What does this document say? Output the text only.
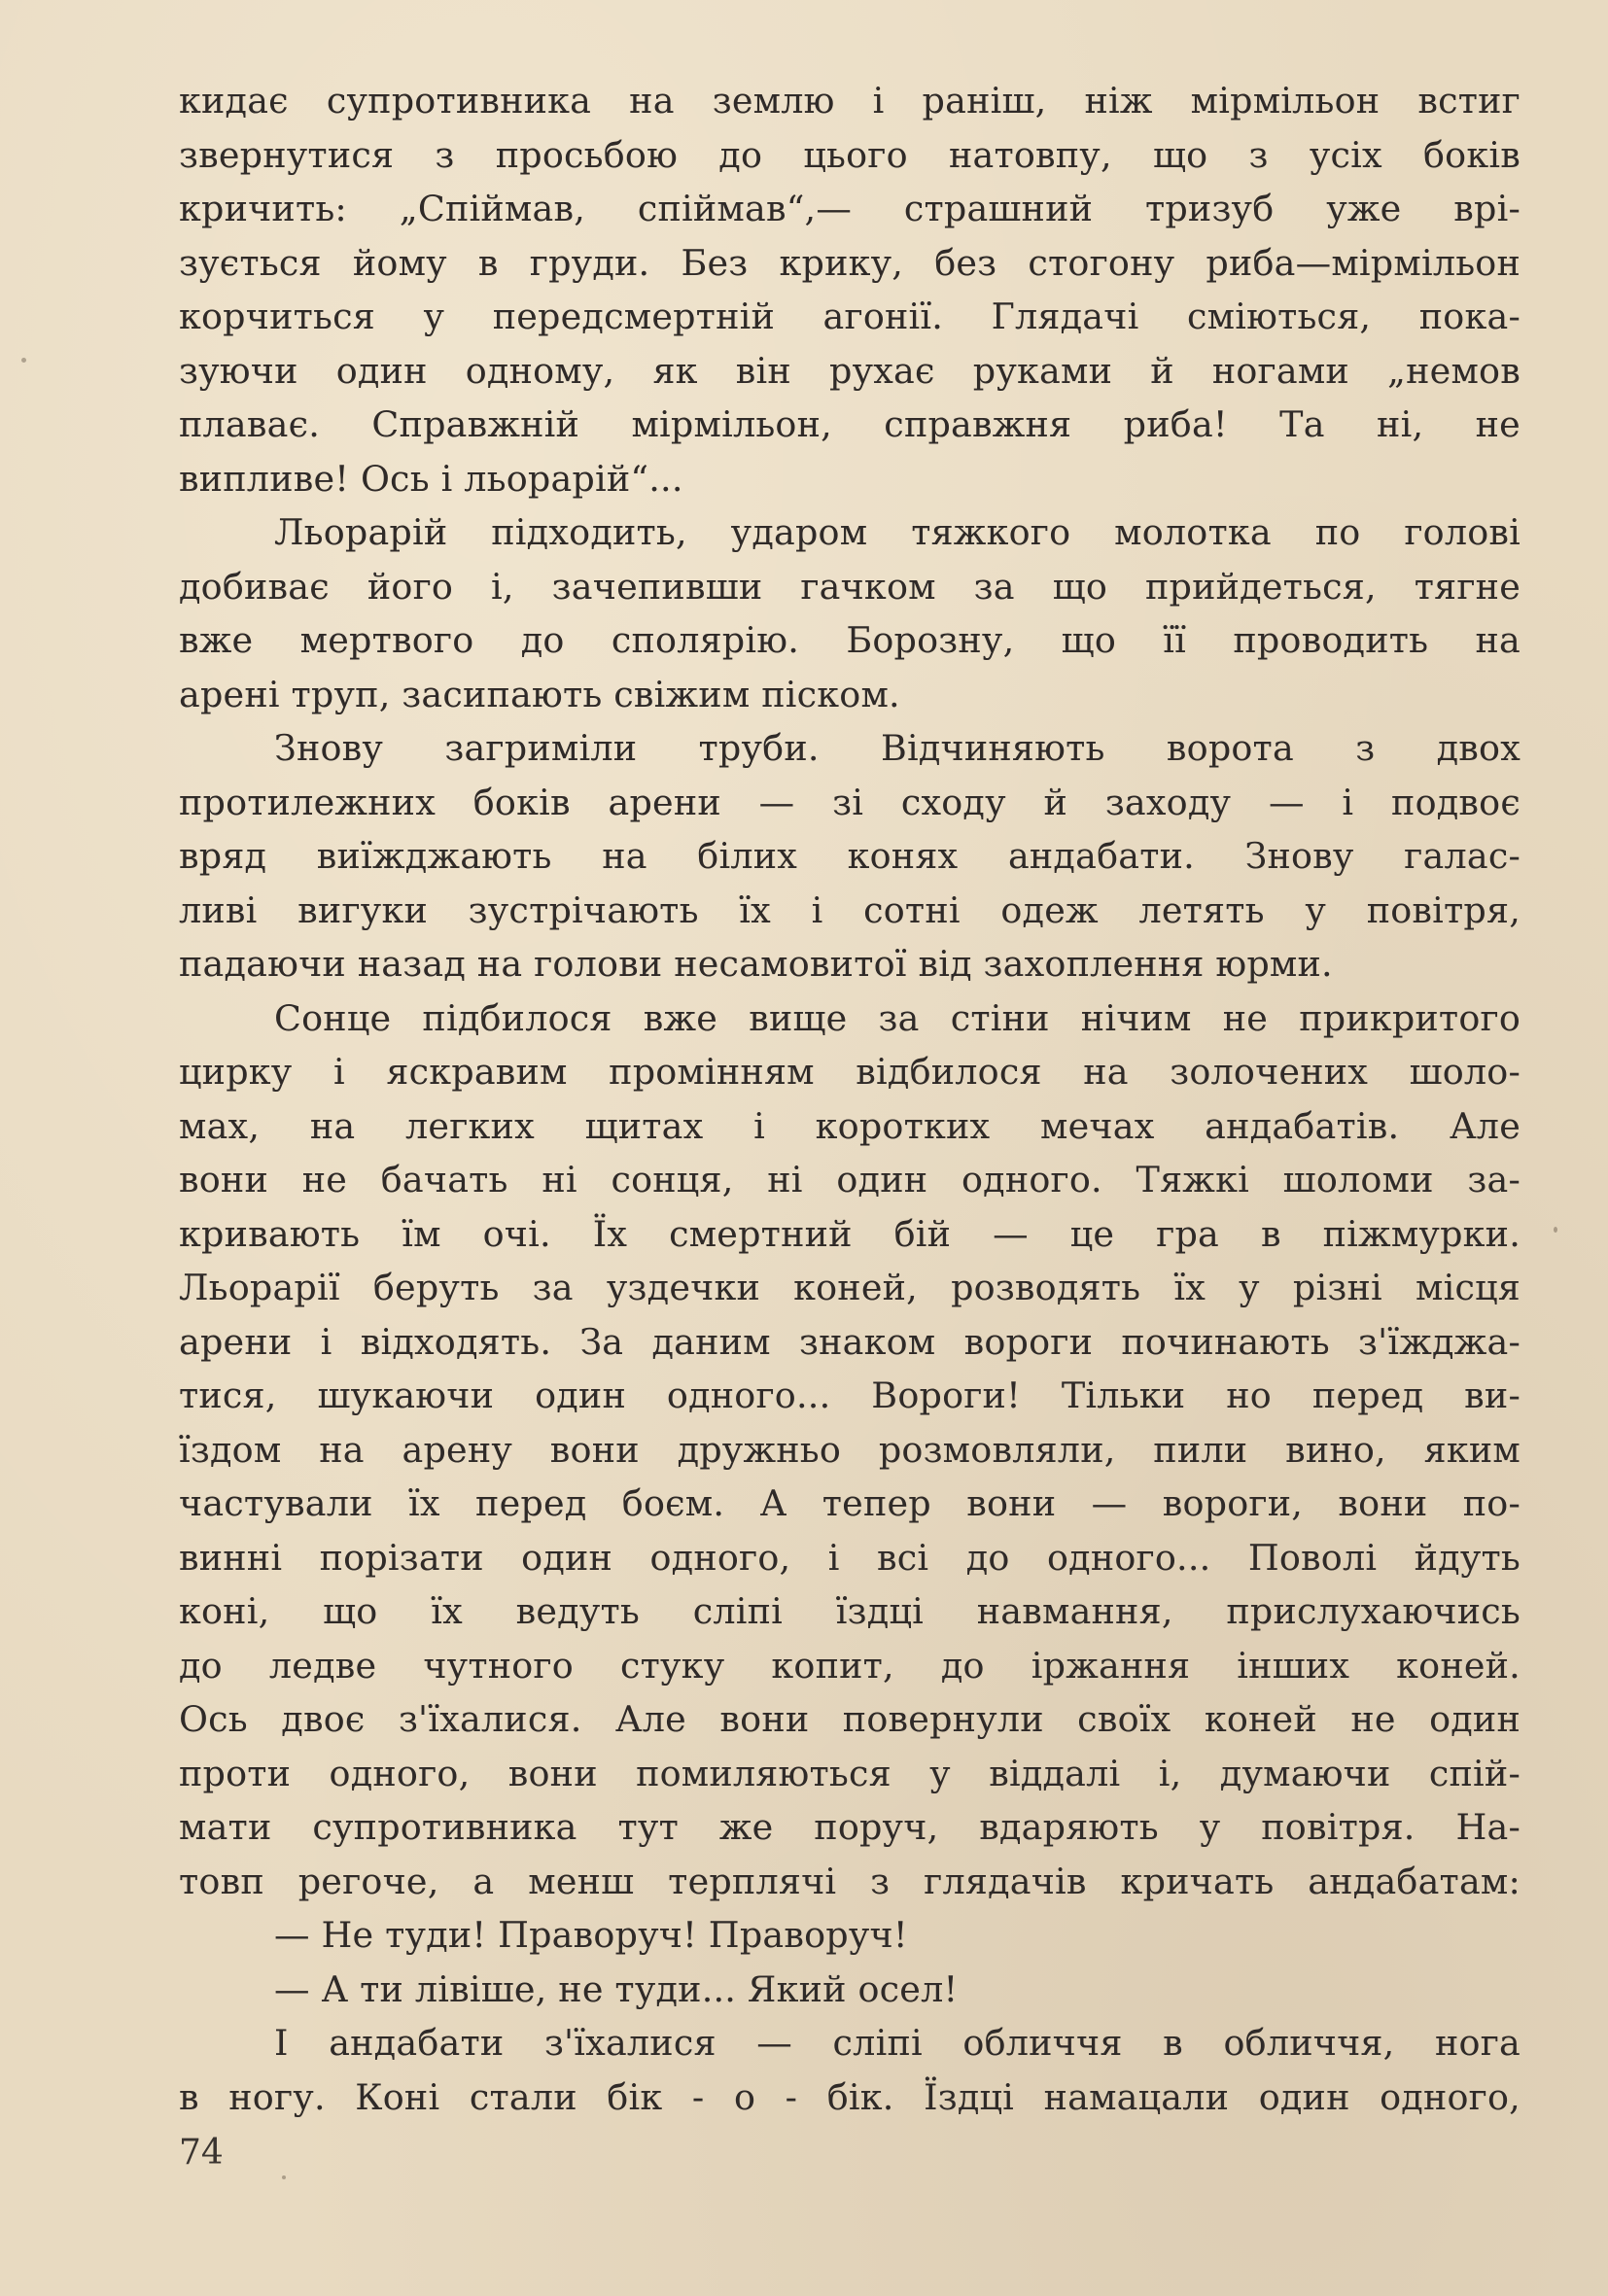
кидає супротивника на землю і раніш, ніж мірмільон встиг
звернутися з просьбою до цього натовпу, що з усіх боків
кричить: „Спіймав, спіймав“,— страшний тризуб уже врі-
зується йому в груди. Без крику, без стогону риба—мірмільон
корчиться у передсмертній агонії. Глядачі сміються, пока-
зуючи один одному, як він рухає руками й ногами „немов
плаває. Справжній мірмільон, справжня риба! Та ні, не
випливе! Ось і льорарій“...
Льорарій підходить, ударом тяжкого молотка по голові
добиває його і, зачепивши гачком за що прийдеться, тягне
вже мертвого до сполярію. Борозну, що її проводить на
арені труп, засипають свіжим піском.
Знову загриміли труби. Відчиняють ворота з двох
протилежних боків арени — зі сходу й заходу — і подвоє
вряд виїжджають на білих конях андабати. Знову галас-
ливі вигуки зустрічають їх і сотні одеж летять у повітря,
падаючи назад на голови несамовитої від захоплення юрми.
Сонце підбилося вже вище за стіни нічим не прикритого
цирку і яскравим промінням відбилося на золочених шоло-
мах, на легких щитах і коротких мечах андабатів. Але
вони не бачать ні сонця, ні один одного. Тяжкі шоломи за-
кривають їм очі. Їх смертний бій — це гра в піжмурки.
Льорарії беруть за уздечки коней, розводять їх у різні місця
арени і відходять. За даним знаком вороги починають з'їжджа-
тися, шукаючи один одного... Вороги! Тільки но перед ви-
їздом на арену вони дружньо розмовляли, пили вино, яким
частували їх перед боєм. А тепер вони — вороги, вони по-
винні порізати один одного, і всі до одного... Поволі йдуть
коні, що їх ведуть сліпі їздці навмання, прислухаючись
до ледве чутного стуку копит, до іржання інших коней.
Ось двоє з'їхалися. Але вони повернули своїх коней не один
проти одного, вони помиляються у віддалі і, думаючи спій-
мати супротивника тут же поруч, вдаряють у повітря. На-
товп регоче, а менш терплячі з глядачів кричать андабатам:
— Не туди! Праворуч! Праворуч!
— А ти лівіше, не туди... Який осел!
І андабати з'їхалися — сліпі обличчя в обличчя, нога
в ногу. Коні стали бік - о - бік. Їздці намацали один одного,
74
